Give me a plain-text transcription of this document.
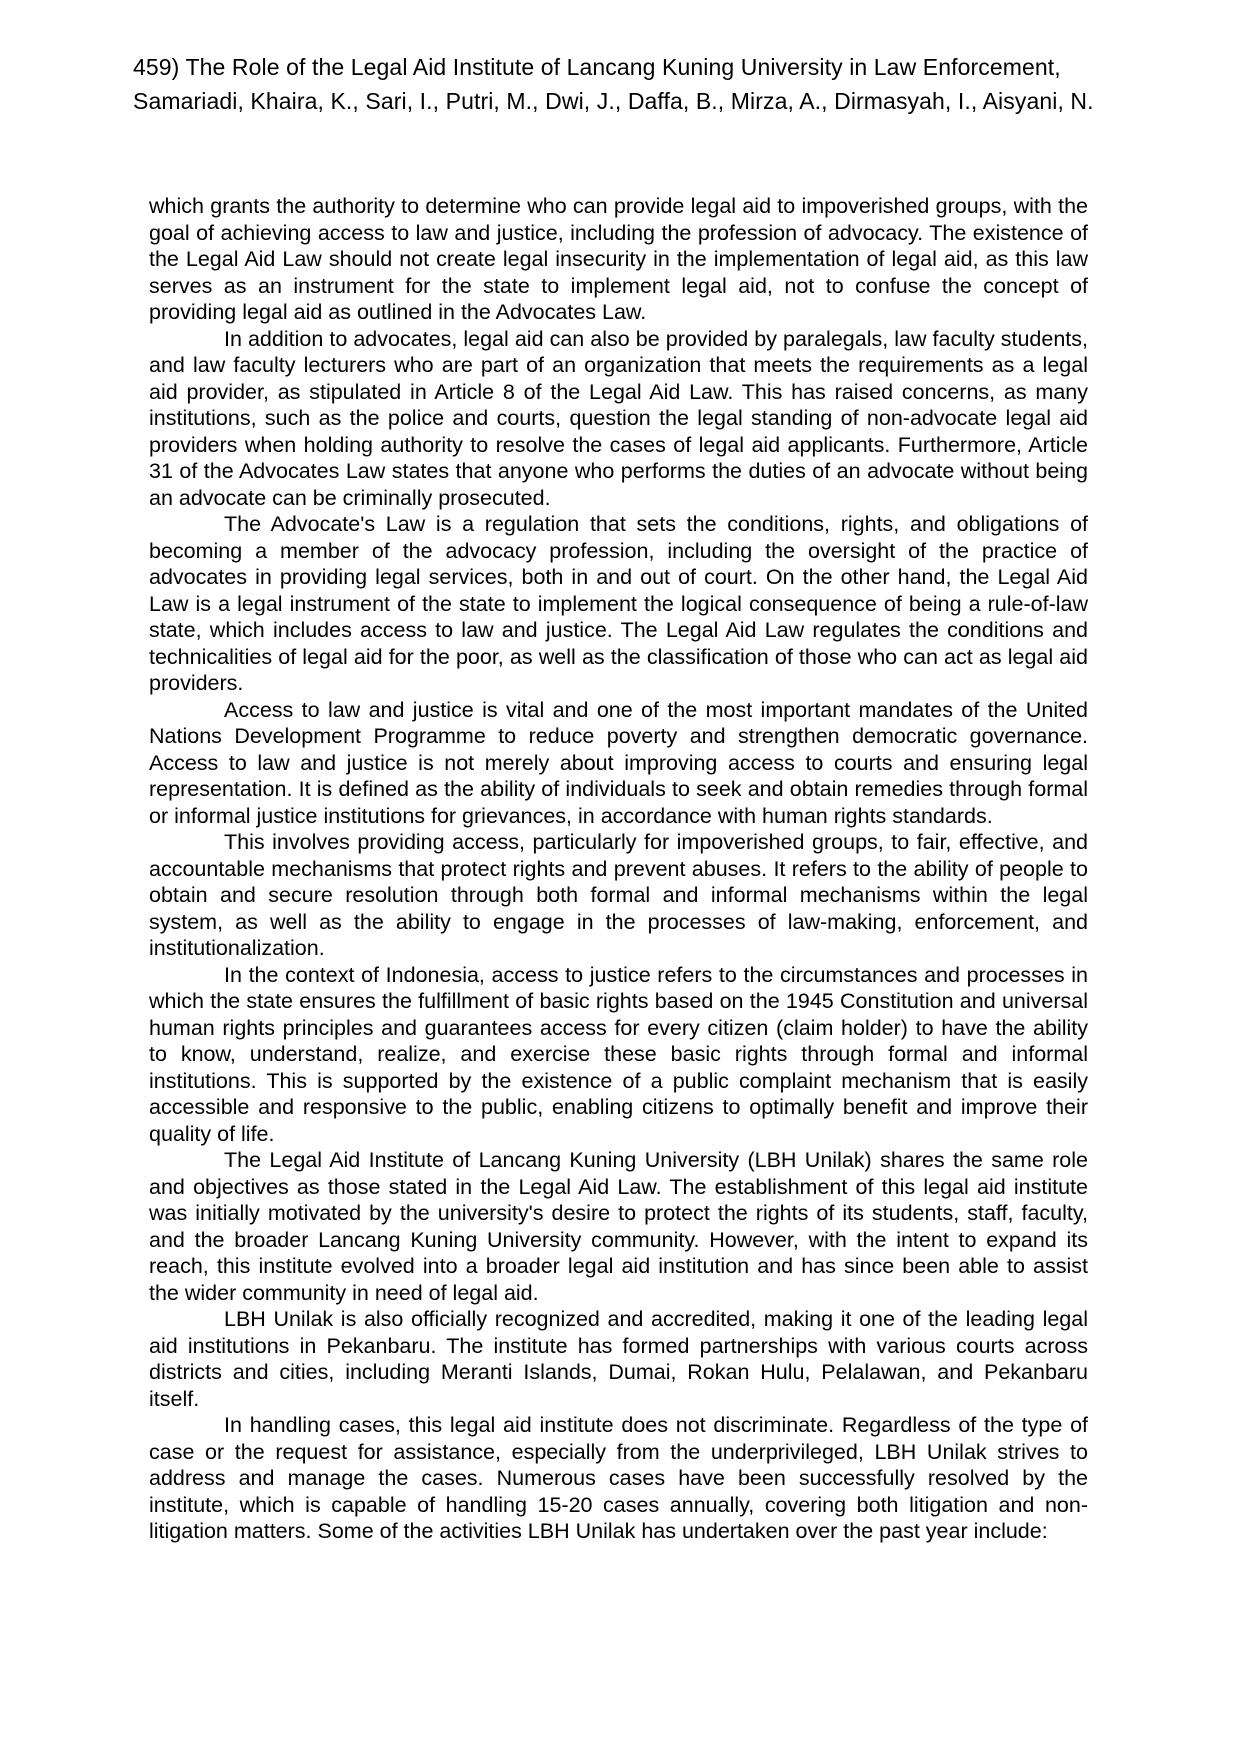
459) The Role of the Legal Aid Institute of Lancang Kuning University in Law Enforcement,
Samariadi, Khaira, K., Sari, I., Putri, M., Dwi, J., Daffa, B., Mirza, A., Dirmasyah, I., Aisyani, N.

which grants the authority to determine who can provide legal aid to impoverished groups, with the goal of achieving access to law and justice, including the profession of advocacy. The existence of the Legal Aid Law should not create legal insecurity in the implementation of legal aid, as this law serves as an instrument for the state to implement legal aid, not to confuse the concept of providing legal aid as outlined in the Advocates Law.

In addition to advocates, legal aid can also be provided by paralegals, law faculty students, and law faculty lecturers who are part of an organization that meets the requirements as a legal aid provider, as stipulated in Article 8 of the Legal Aid Law. This has raised concerns, as many institutions, such as the police and courts, question the legal standing of non-advocate legal aid providers when holding authority to resolve the cases of legal aid applicants. Furthermore, Article 31 of the Advocates Law states that anyone who performs the duties of an advocate without being an advocate can be criminally prosecuted.

The Advocate's Law is a regulation that sets the conditions, rights, and obligations of becoming a member of the advocacy profession, including the oversight of the practice of advocates in providing legal services, both in and out of court. On the other hand, the Legal Aid Law is a legal instrument of the state to implement the logical consequence of being a rule-of-law state, which includes access to law and justice. The Legal Aid Law regulates the conditions and technicalities of legal aid for the poor, as well as the classification of those who can act as legal aid providers.

Access to law and justice is vital and one of the most important mandates of the United Nations Development Programme to reduce poverty and strengthen democratic governance. Access to law and justice is not merely about improving access to courts and ensuring legal representation. It is defined as the ability of individuals to seek and obtain remedies through formal or informal justice institutions for grievances, in accordance with human rights standards.

This involves providing access, particularly for impoverished groups, to fair, effective, and accountable mechanisms that protect rights and prevent abuses. It refers to the ability of people to obtain and secure resolution through both formal and informal mechanisms within the legal system, as well as the ability to engage in the processes of law-making, enforcement, and institutionalization.

In the context of Indonesia, access to justice refers to the circumstances and processes in which the state ensures the fulfillment of basic rights based on the 1945 Constitution and universal human rights principles and guarantees access for every citizen (claim holder) to have the ability to know, understand, realize, and exercise these basic rights through formal and informal institutions. This is supported by the existence of a public complaint mechanism that is easily accessible and responsive to the public, enabling citizens to optimally benefit and improve their quality of life.

The Legal Aid Institute of Lancang Kuning University (LBH Unilak) shares the same role and objectives as those stated in the Legal Aid Law. The establishment of this legal aid institute was initially motivated by the university's desire to protect the rights of its students, staff, faculty, and the broader Lancang Kuning University community. However, with the intent to expand its reach, this institute evolved into a broader legal aid institution and has since been able to assist the wider community in need of legal aid.

LBH Unilak is also officially recognized and accredited, making it one of the leading legal aid institutions in Pekanbaru. The institute has formed partnerships with various courts across districts and cities, including Meranti Islands, Dumai, Rokan Hulu, Pelalawan, and Pekanbaru itself.

In handling cases, this legal aid institute does not discriminate. Regardless of the type of case or the request for assistance, especially from the underprivileged, LBH Unilak strives to address and manage the cases. Numerous cases have been successfully resolved by the institute, which is capable of handling 15-20 cases annually, covering both litigation and non-litigation matters. Some of the activities LBH Unilak has undertaken over the past year include:
